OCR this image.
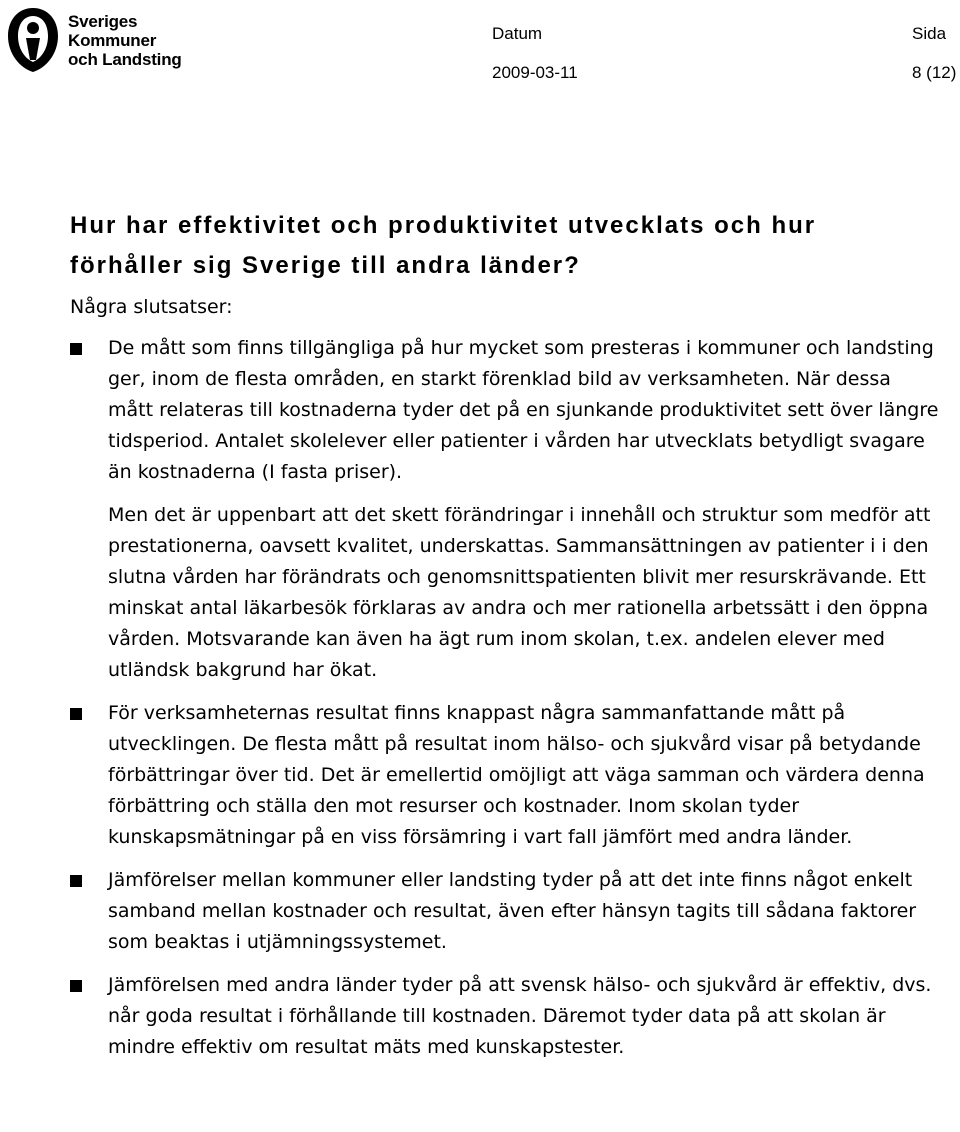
Sveriges
Kommuner
och Landsting
Datum
2009-03-11
Sida
8 (12)
Hur har effektivitet och produktivitet utvecklats och hur förhåller sig Sverige till andra länder?

Några slutsatser:

De mått som finns tillgängliga på hur mycket som presteras i kommuner och landsting ger, inom de flesta områden, en starkt förenklad bild av verksamheten. När dessa mått relateras till kostnaderna tyder det på en sjunkande produktivitet sett över längre tidsperiod. Antalet skolelever eller patienter i vården har utvecklats betydligt svagare än kostnaderna (I fasta priser).

Men det är uppenbart att det skett förändringar i innehåll och struktur som medför att prestationerna, oavsett kvalitet, underskattas. Sammansättningen av patienter i i den slutna vården har förändrats och genomsnittspatienten blivit mer resurskrävande. Ett minskat antal läkarbesök förklaras av andra och mer rationella arbetssätt i den öppna vården. Motsvarande kan även ha ägt rum inom skolan, t.ex. andelen elever med utländsk bakgrund har ökat.

För verksamheternas resultat finns knappast några sammanfattande mått på utvecklingen. De flesta mått på resultat inom hälso- och sjukvård visar på betydande förbättringar över tid. Det är emellertid omöjligt att väga samman och värdera denna förbättring och ställa den mot resurser och kostnader. Inom skolan tyder kunskapsmätningar på en viss försämring i vart fall jämfört med andra länder.

Jämförelser mellan kommuner eller landsting tyder på att det inte finns något enkelt samband mellan kostnader och resultat, även efter hänsyn tagits till sådana faktorer som beaktas i utjämningssystemet.

Jämförelsen med andra länder tyder på att svensk hälso- och sjukvård är effektiv, dvs. når goda resultat i förhållande till kostnaden. Däremot tyder data på att skolan är mindre effektiv om resultat mäts med kunskapstester.
